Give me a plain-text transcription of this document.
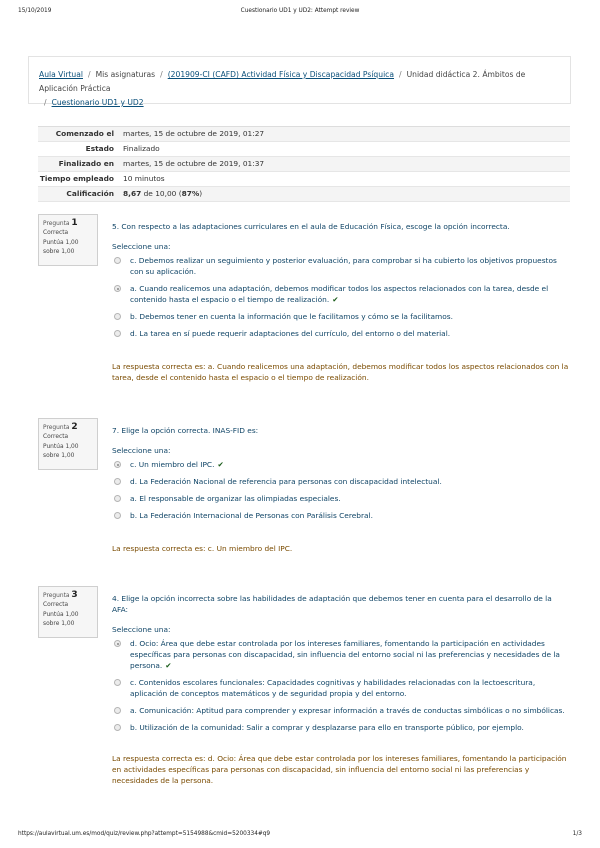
15/10/2019	Cuestionario UD1 y UD2: Attempt review
Aula Virtual / Mis asignaturas / (201909-CI (CAFD) Actividad Física y Discapacidad Psíquica / Unidad didáctica 2. Ámbitos de Aplicación Práctica
/ Cuestionario UD1 y UD2
Comenzado el	martes, 15 de octubre de 2019, 01:27
Estado	Finalizado
Finalizado en	martes, 15 de octubre de 2019, 01:37
Tiempo empleado	10 minutos
Calificación	8,67 de 10,00 (87%)
Pregunta 1
Correcta
Puntúa 1,00 sobre 1,00
5. Con respecto a las adaptaciones curriculares en el aula de Educación Física, escoge la opción incorrecta.
Seleccione una:
c. Debemos realizar un seguimiento y posterior evaluación, para comprobar si ha cubierto los objetivos propuestos con su aplicación.
a. Cuando realicemos una adaptación, debemos modificar todos los aspectos relacionados con la tarea, desde el contenido hasta el espacio o el tiempo de realización. ✔
b. Debemos tener en cuenta la información que le facilitamos y cómo se la facilitamos.
d. La tarea en sí puede requerir adaptaciones del currículo, del entorno o del material.
La respuesta correcta es: a. Cuando realicemos una adaptación, debemos modificar todos los aspectos relacionados con la tarea, desde el contenido hasta el espacio o el tiempo de realización.
Pregunta 2
Correcta
Puntúa 1,00 sobre 1,00
7. Elige la opción correcta. INAS-FID es:
Seleccione una:
c. Un miembro del IPC. ✔
d. La Federación Nacional de referencia para personas con discapacidad intelectual.
a. El responsable de organizar las olimpiadas especiales.
b. La Federación Internacional de Personas con Parálisis Cerebral.
La respuesta correcta es: c. Un miembro del IPC.
Pregunta 3
Correcta
Puntúa 1,00 sobre 1,00
4. Elige la opción incorrecta sobre las habilidades de adaptación que debemos tener en cuenta para el desarrollo de la AFA:
Seleccione una:
d. Ocio: Área que debe estar controlada por los intereses familiares, fomentando la participación en actividades específicas para personas con discapacidad, sin influencia del entorno social ni las preferencias y necesidades de la persona. ✔
c. Contenidos escolares funcionales: Capacidades cognitivas y habilidades relacionadas con la lectoescritura, aplicación de conceptos matemáticos y de seguridad propia y del entorno.
a. Comunicación: Aptitud para comprender y expresar información a través de conductas simbólicas o no simbólicas.
b. Utilización de la comunidad: Salir a comprar y desplazarse para ello en transporte público, por ejemplo.
La respuesta correcta es: d. Ocio: Área que debe estar controlada por los intereses familiares, fomentando la participación en actividades específicas para personas con discapacidad, sin influencia del entorno social ni las preferencias y necesidades de la persona.
https://aulavirtual.um.es/mod/quiz/review.php?attempt=5154988&cmid=5200334#q9	1/3
